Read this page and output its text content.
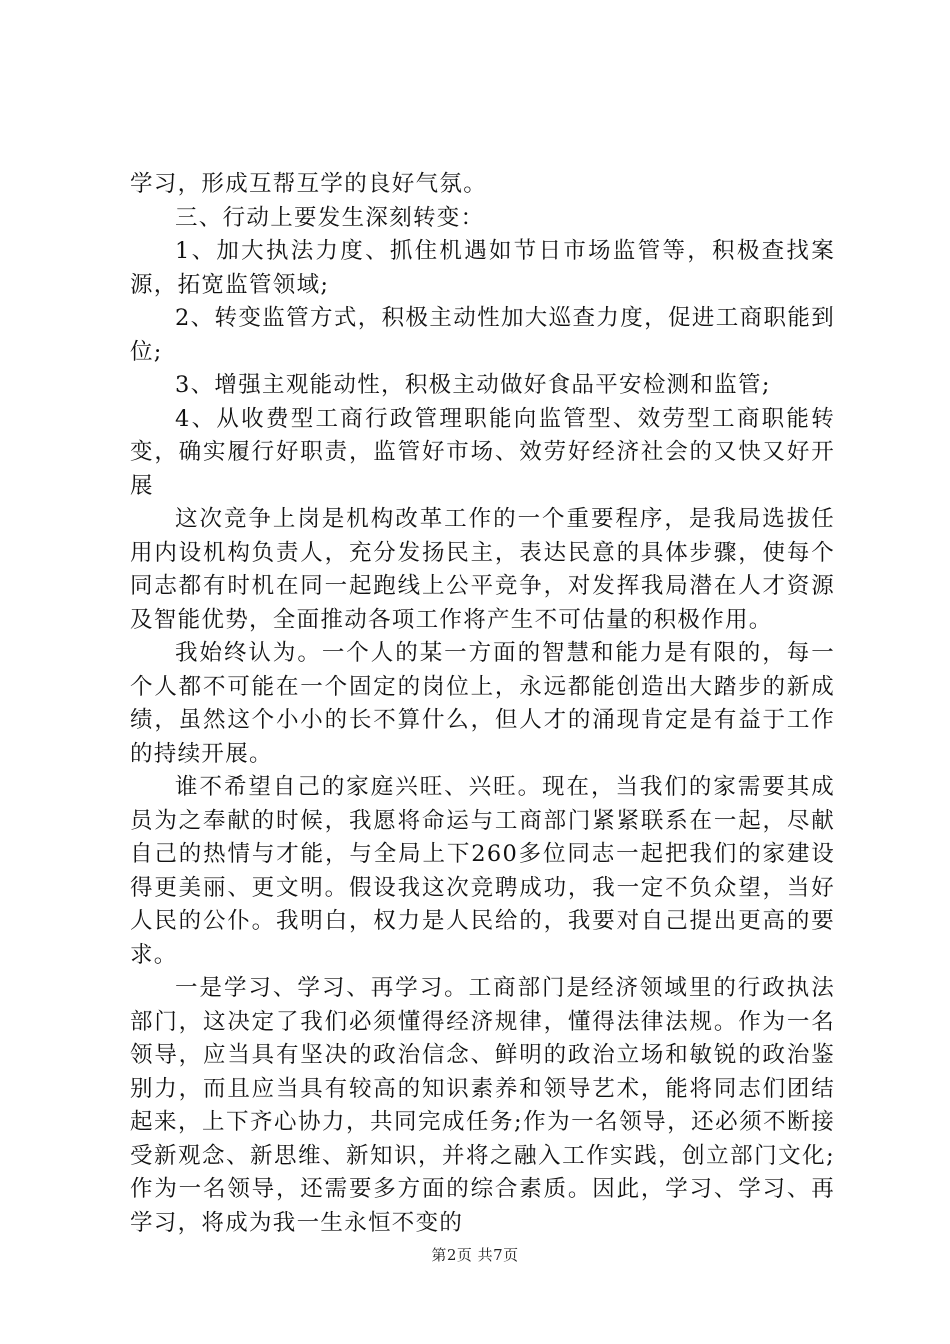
学习，形成互帮互学的良好气氛。

三、行动上要发生深刻转变：

1、加大执法力度、抓住机遇如节日市场监管等，积极查找案源，拓宽监管领域;

2、转变监管方式，积极主动性加大巡查力度，促进工商职能到位;

3、增强主观能动性，积极主动做好食品平安检测和监管;

4、从收费型工商行政管理职能向监管型、效劳型工商职能转变，确实履行好职责，监管好市场、效劳好经济社会的又快又好开展

这次竞争上岗是机构改革工作的一个重要程序，是我局选拔任用内设机构负责人，充分发扬民主，表达民意的具体步骤，使每个同志都有时机在同一起跑线上公平竞争，对发挥我局潜在人才资源及智能优势，全面推动各项工作将产生不可估量的积极作用。

我始终认为。一个人的某一方面的智慧和能力是有限的，每一个人都不可能在一个固定的岗位上，永远都能创造出大踏步的新成绩，虽然这个小小的长不算什么，但人才的涌现肯定是有益于工作的持续开展。

谁不希望自己的家庭兴旺、兴旺。现在，当我们的家需要其成员为之奉献的时候，我愿将命运与工商部门紧紧联系在一起，尽献自己的热情与才能，与全局上下260多位同志一起把我们的家建设得更美丽、更文明。假设我这次竞聘成功，我一定不负众望，当好人民的公仆。我明白，权力是人民给的，我要对自己提出更高的要求。

一是学习、学习、再学习。工商部门是经济领域里的行政执法部门，这决定了我们必须懂得经济规律，懂得法律法规。作为一名领导，应当具有坚决的政治信念、鲜明的政治立场和敏锐的政治鉴别力，而且应当具有较高的知识素养和领导艺术，能将同志们团结起来，上下齐心协力，共同完成任务;作为一名领导，还必须不断接受新观念、新思维、新知识，并将之融入工作实践，创立部门文化;作为一名领导，还需要多方面的综合素质。因此，学习、学习、再学习，将成为我一生永恒不变的

第2页 共7页
